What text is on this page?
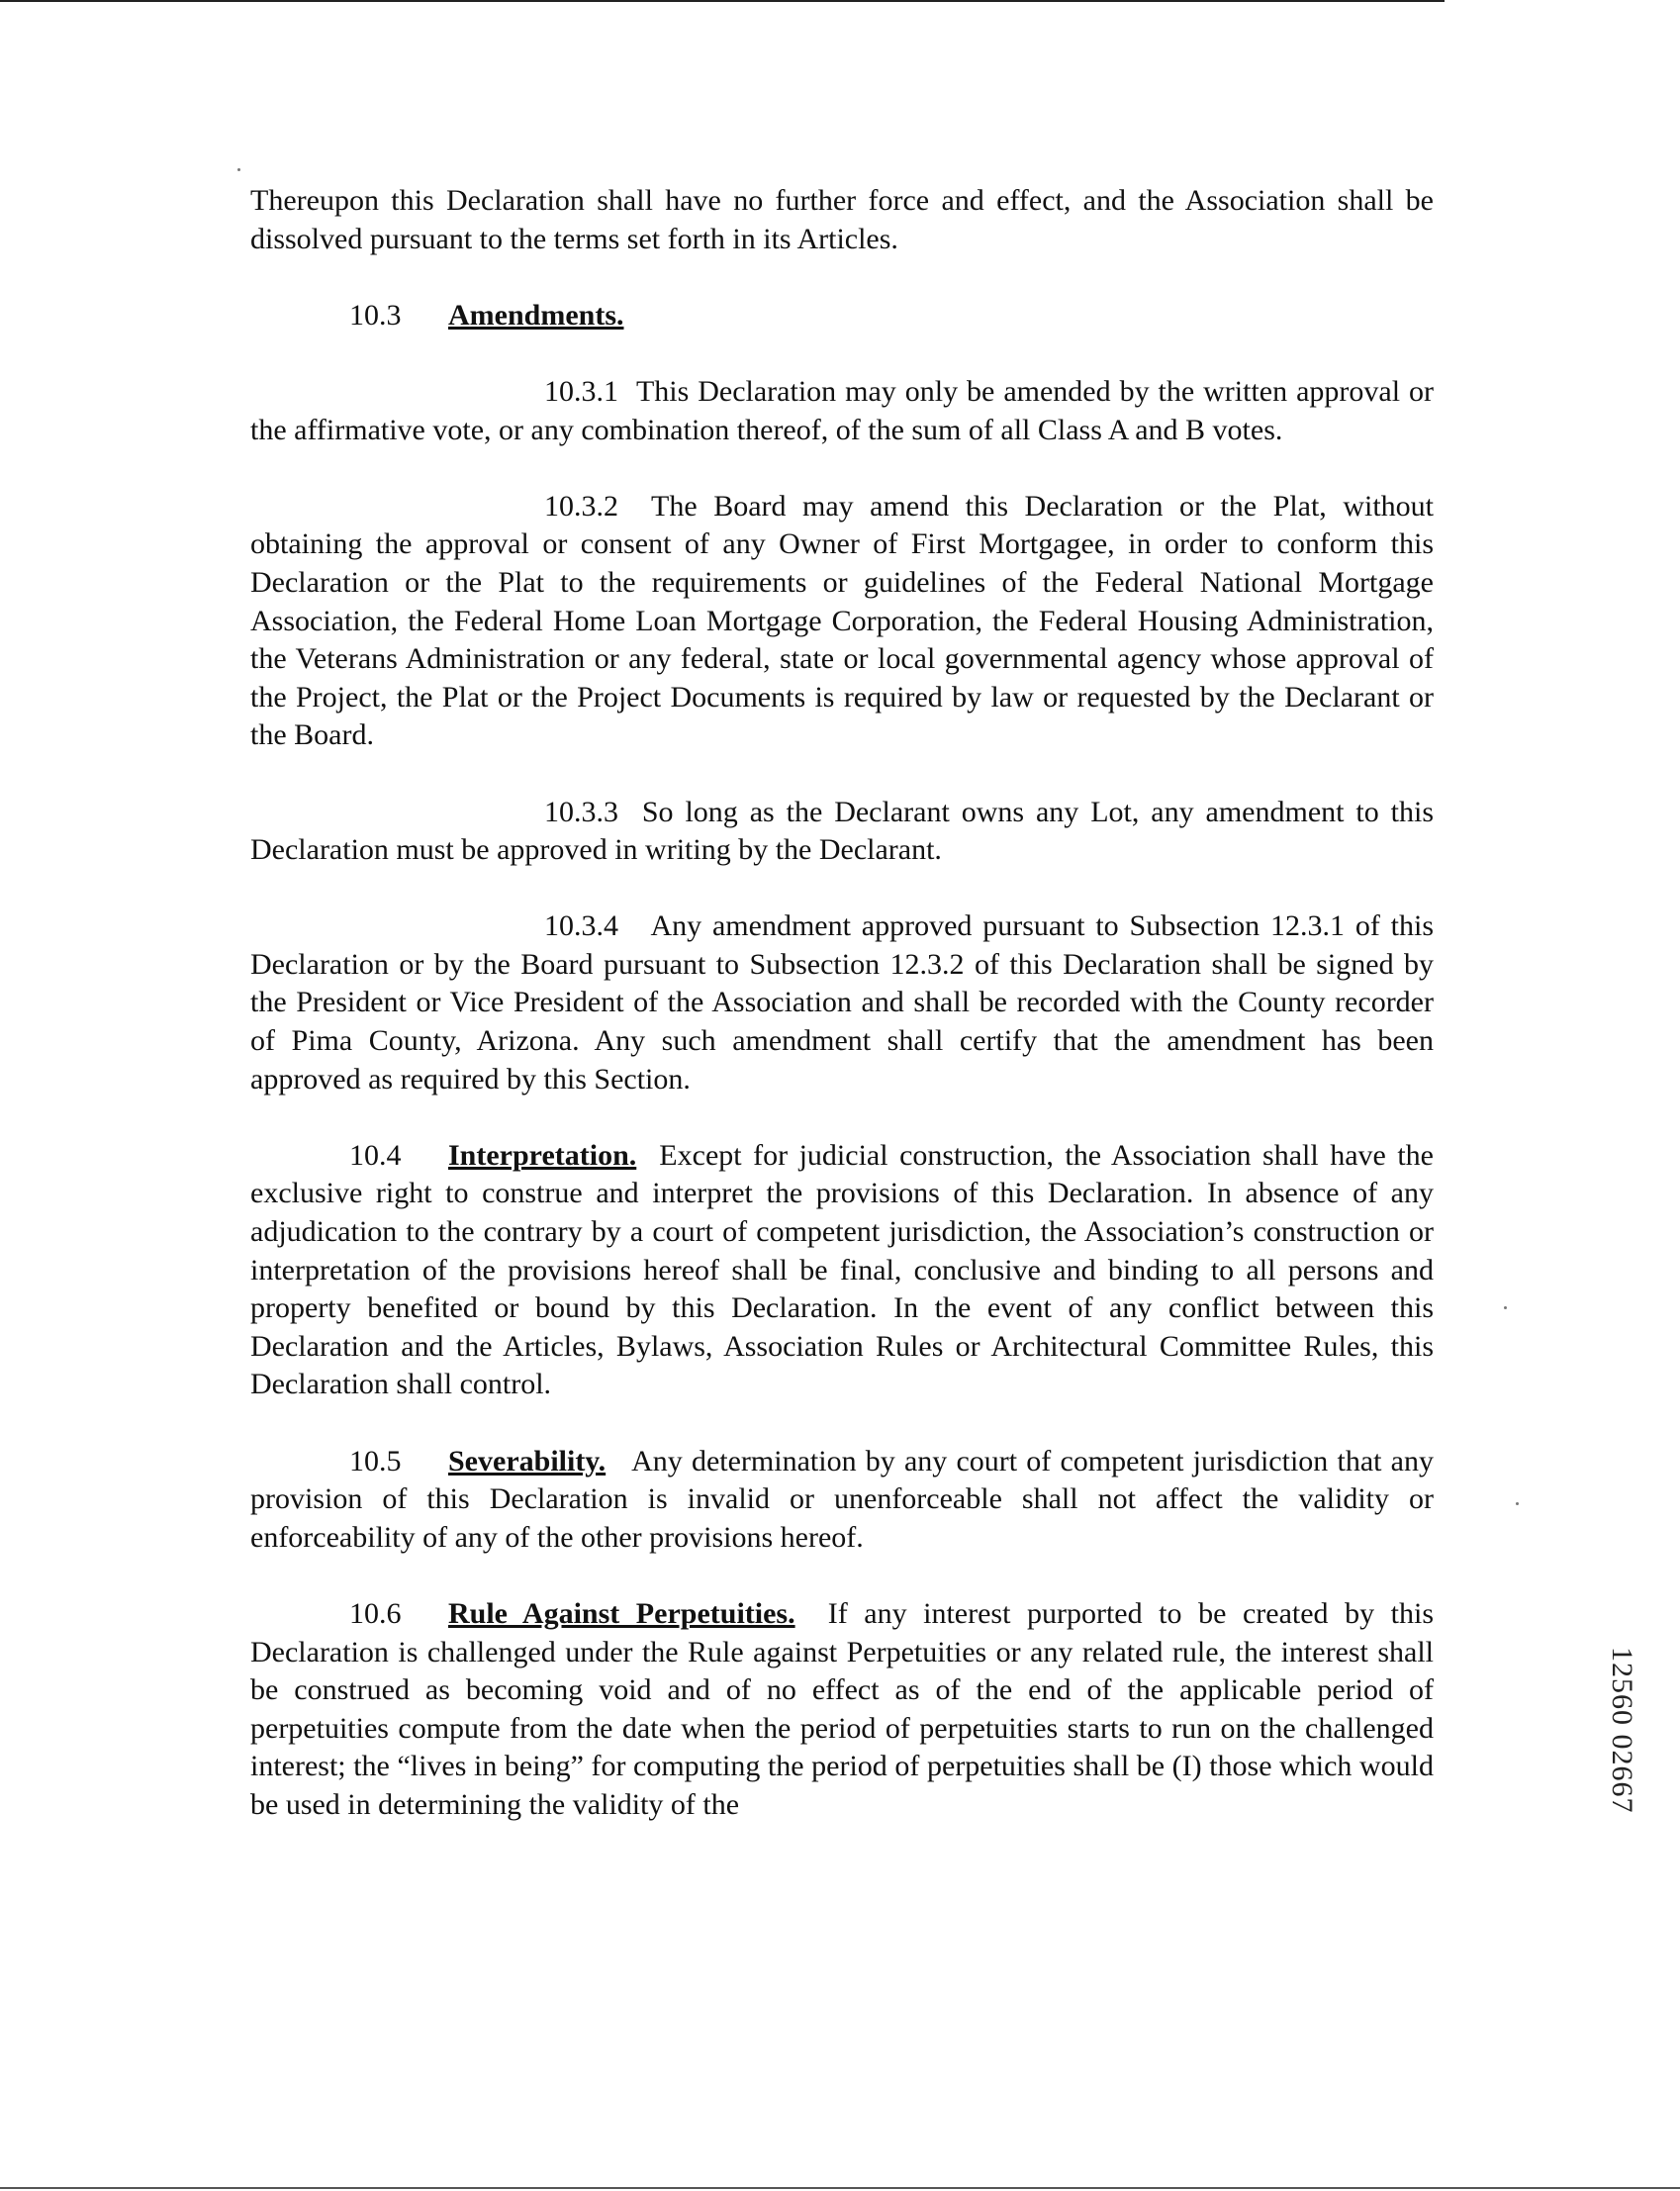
Thereupon this Declaration shall have no further force and effect, and the Association shall be dissolved pursuant to the terms set forth in its Articles.

10.3 Amendments.

10.3.1 This Declaration may only be amended by the written approval or the affirmative vote, or any combination thereof, of the sum of all Class A and B votes.

10.3.2 The Board may amend this Declaration or the Plat, without obtaining the approval or consent of any Owner of First Mortgagee, in order to conform this Declaration or the Plat to the requirements or guidelines of the Federal National Mortgage Association, the Federal Home Loan Mortgage Corporation, the Federal Housing Administration, the Veterans Administration or any federal, state or local governmental agency whose approval of the Project, the Plat or the Project Documents is required by law or requested by the Declarant or the Board.

10.3.3 So long as the Declarant owns any Lot, any amendment to this Declaration must be approved in writing by the Declarant.

10.3.4 Any amendment approved pursuant to Subsection 12.3.1 of this Declaration or by the Board pursuant to Subsection 12.3.2 of this Declaration shall be signed by the President or Vice President of the Association and shall be recorded with the County recorder of Pima County, Arizona. Any such amendment shall certify that the amendment has been approved as required by this Section.

10.4 Interpretation. Except for judicial construction, the Association shall have the exclusive right to construe and interpret the provisions of this Declaration. In absence of any adjudication to the contrary by a court of competent jurisdiction, the Association’s construction or interpretation of the provisions hereof shall be final, conclusive and binding to all persons and property benefited or bound by this Declaration. In the event of any conflict between this Declaration and the Articles, Bylaws, Association Rules or Architectural Committee Rules, this Declaration shall control.

10.5 Severability. Any determination by any court of competent jurisdiction that any provision of this Declaration is invalid or unenforceable shall not affect the validity or enforceability of any of the other provisions hereof.

10.6 Rule Against Perpetuities. If any interest purported to be created by this Declaration is challenged under the Rule against Perpetuities or any related rule, the interest shall be construed as becoming void and of no effect as of the end of the applicable period of perpetuities compute from the date when the period of perpetuities starts to run on the challenged interest; the “lives in being” for computing the period of perpetuities shall be (I) those which would be used in determining the validity of the

	12560 02667
